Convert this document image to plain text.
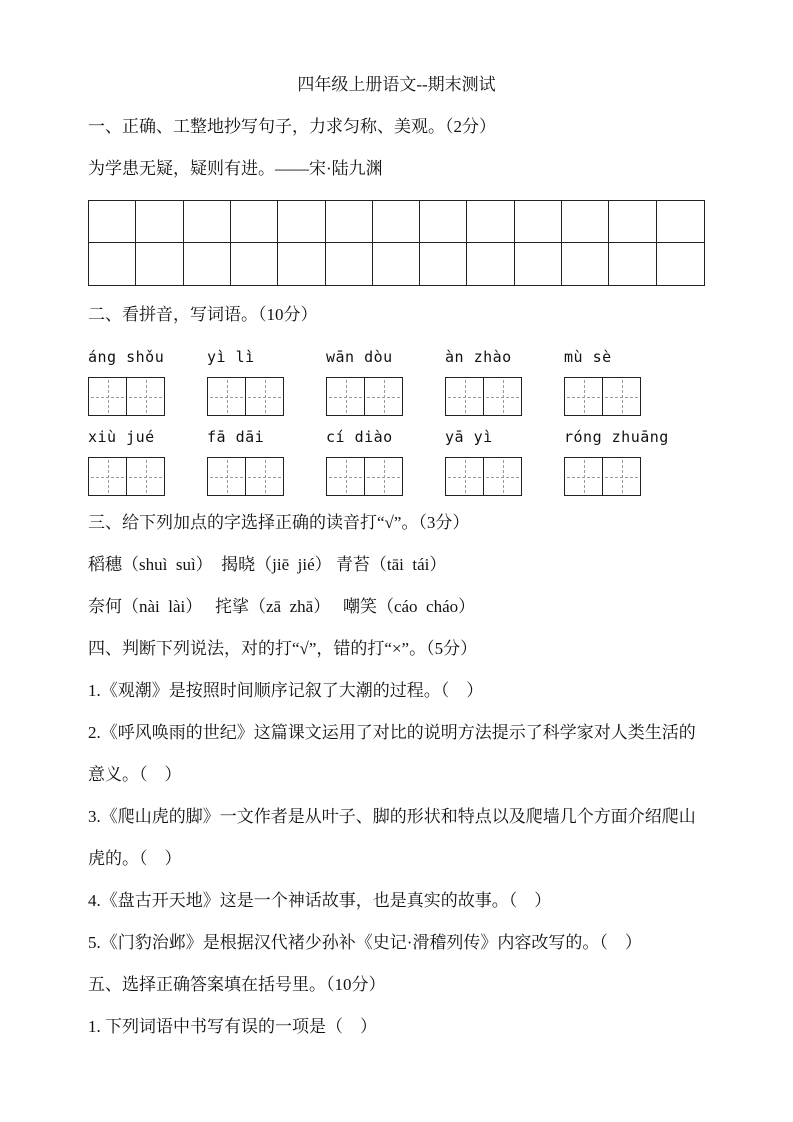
四年级上册语文--期末测试

一、正确、工整地抄写句子，力求匀称、美观。（2分）

为学患无疑，疑则有进。——宋·陆九渊

二、看拼音，写词语。（10分）

áng shǒu	yì lì	wān dòu	àn zhào	mù sè
xiù jué	fā dāi	cí diào	yā yì	róng zhuāng

三、给下列加点的字选择正确的读音打“√”。（3分）

稻穗（shuì  suì）  揭晓（jiē  jié） 青苔（tāi  tái）

奈何（nài  lài）   挓挲（zā  zhā）   嘲笑（cáo  cháo）

四、判断下列说法，对的打“√”，错的打“×”。（5分）

1.《观潮》是按照时间顺序记叙了大潮的过程。（　）

2.《呼风唤雨的世纪》这篇课文运用了对比的说明方法提示了科学家对人类生活的意义。（　）

3.《爬山虎的脚》一文作者是从叶子、脚的形状和特点以及爬墙几个方面介绍爬山虎的。（　）

4.《盘古开天地》这是一个神话故事，也是真实的故事。（　）

5.《门豹治邺》是根据汉代褚少孙补《史记·滑稽列传》内容改写的。（　）

五、选择正确答案填在括号里。（10分）

1. 下列词语中书写有误的一项是（　）
